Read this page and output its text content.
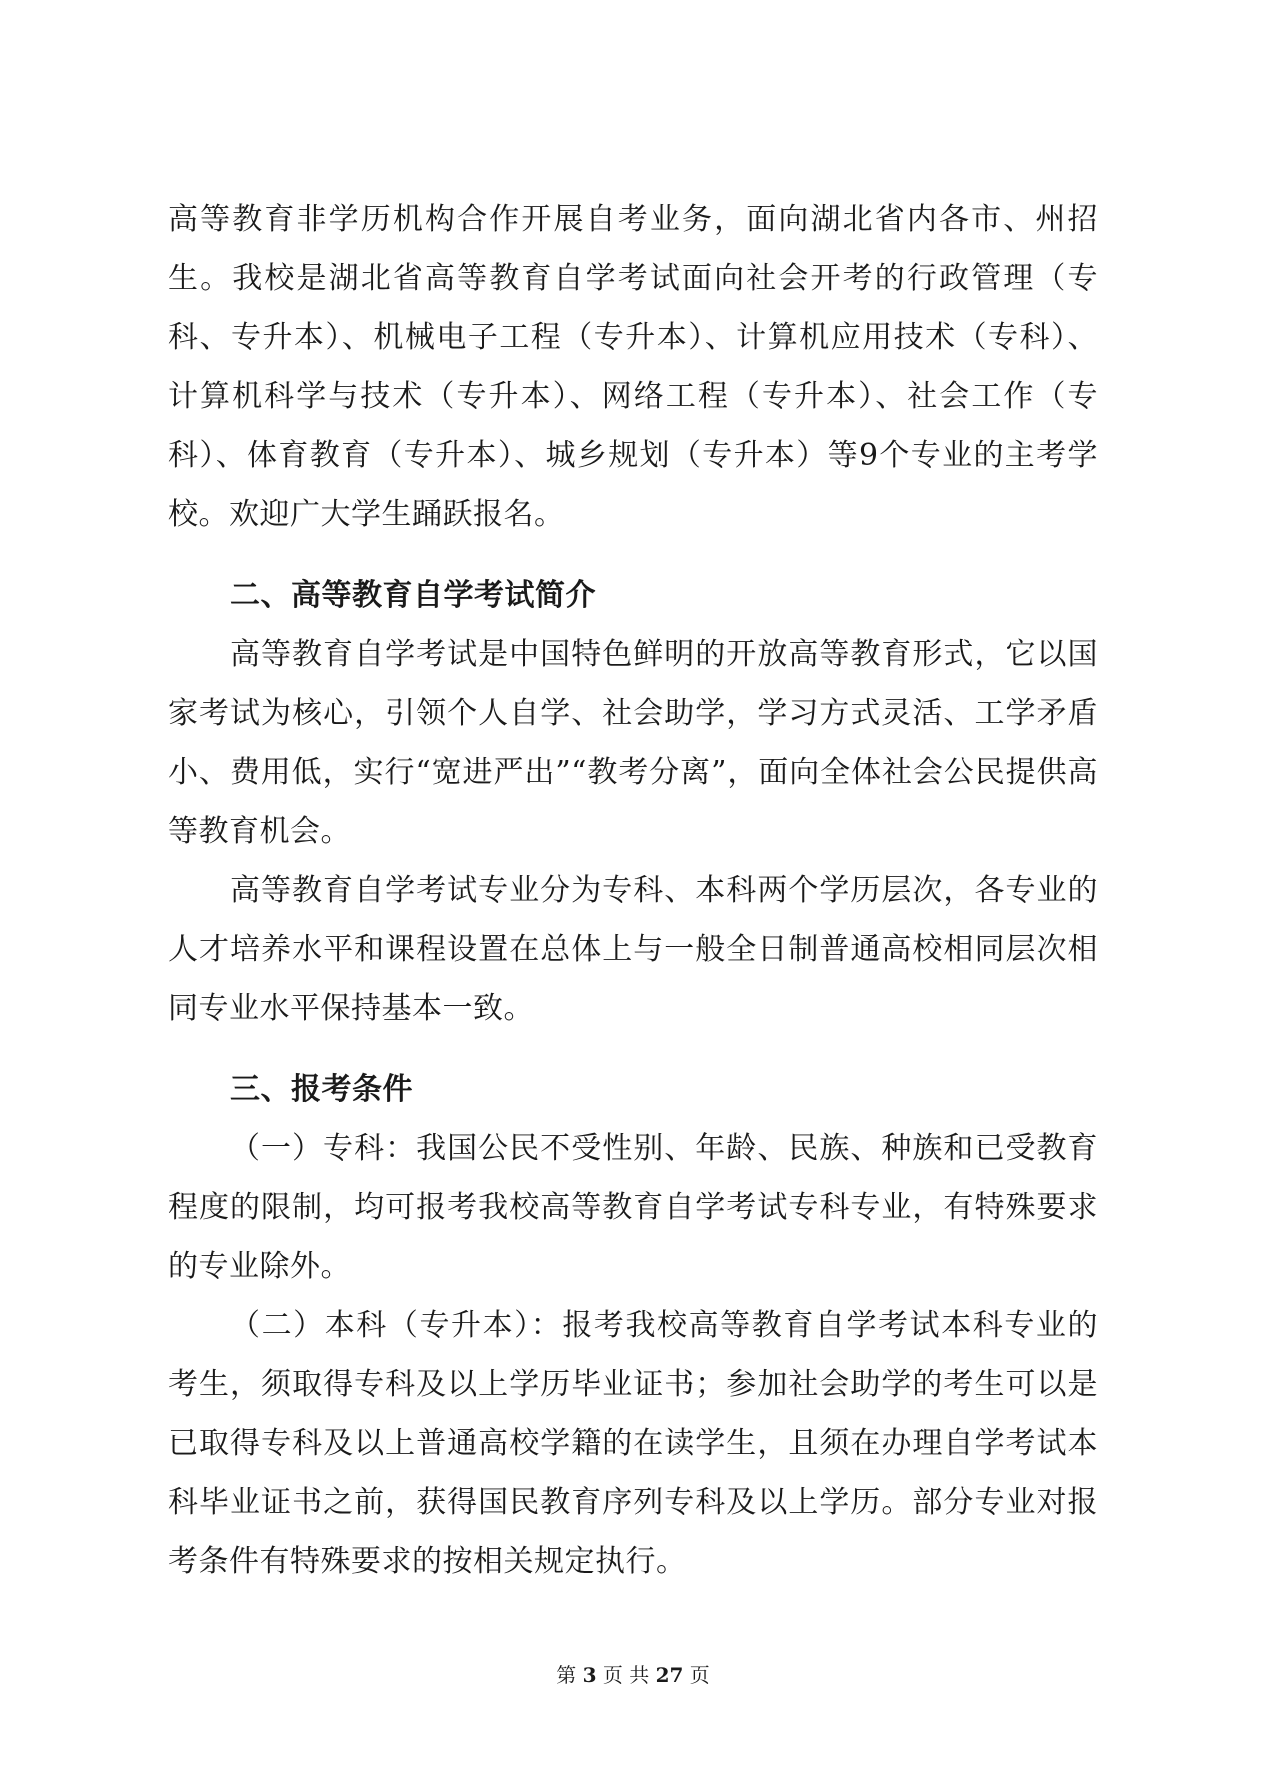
高等教育非学历机构合作开展自考业务，面向湖北省内各市、州招生。我校是湖北省高等教育自学考试面向社会开考的行政管理（专科、专升本）、机械电子工程（专升本）、计算机应用技术（专科）、计算机科学与技术（专升本）、网络工程（专升本）、社会工作（专科）、体育教育（专升本）、城乡规划（专升本）等9个专业的主考学校。欢迎广大学生踊跃报名。

二、高等教育自学考试简介

高等教育自学考试是中国特色鲜明的开放高等教育形式，它以国家考试为核心，引领个人自学、社会助学，学习方式灵活、工学矛盾小、费用低，实行“宽进严出”“教考分离”，面向全体社会公民提供高等教育机会。

高等教育自学考试专业分为专科、本科两个学历层次，各专业的人才培养水平和课程设置在总体上与一般全日制普通高校相同层次相同专业水平保持基本一致。

三、报考条件

（一）专科：我国公民不受性别、年龄、民族、种族和已受教育程度的限制，均可报考我校高等教育自学考试专科专业，有特殊要求的专业除外。

（二）本科（专升本）：报考我校高等教育自学考试本科专业的考生，须取得专科及以上学历毕业证书；参加社会助学的考生可以是已取得专科及以上普通高校学籍的在读学生，且须在办理自学考试本科毕业证书之前，获得国民教育序列专科及以上学历。部分专业对报考条件有特殊要求的按相关规定执行。

第 3 页 共 27 页
